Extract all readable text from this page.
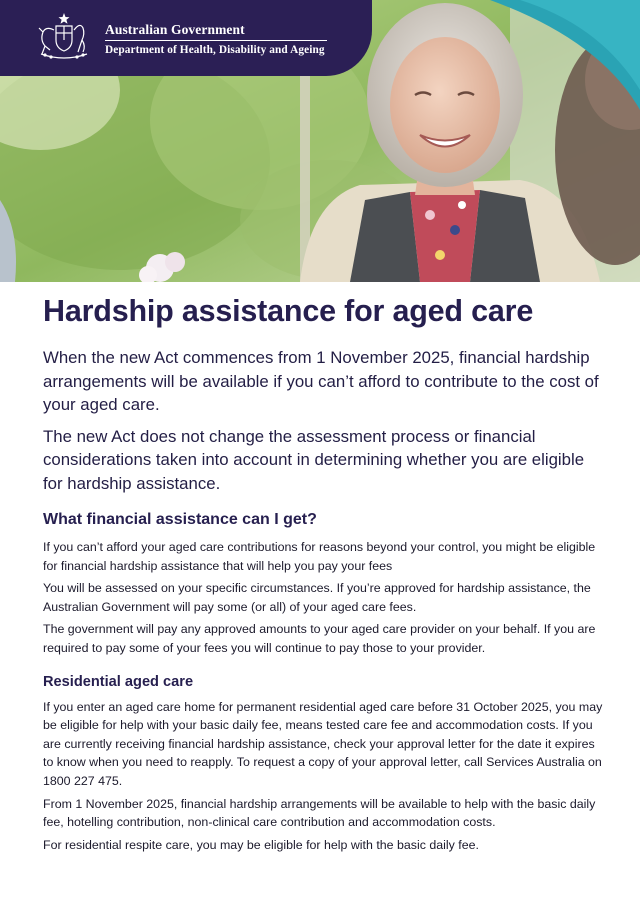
Australian Government
Department of Health, Disability and Ageing
Hardship assistance for aged care

When the new Act commences from 1 November 2025, financial hardship arrangements will be available if you can’t afford to contribute to the cost of your aged care.

The new Act does not change the assessment process or financial considerations taken into account in determining whether you are eligible for hardship assistance.

What financial assistance can I get?

If you can’t afford your aged care contributions for reasons beyond your control, you might be eligible for financial hardship assistance that will help you pay your fees

You will be assessed on your specific circumstances. If you’re approved for hardship assistance, the Australian Government will pay some (or all) of your aged care fees.

The government will pay any approved amounts to your aged care provider on your behalf. If you are required to pay some of your fees you will continue to pay those to your provider.

Residential aged care

If you enter an aged care home for permanent residential aged care before 31 October 2025, you may be eligible for help with your basic daily fee, means tested care fee and accommodation costs. If you are currently receiving financial hardship assistance, check your approval letter for the date it expires to know when you need to reapply. To request a copy of your approval letter, call Services Australia on 1800 227 475.

From 1 November 2025, financial hardship arrangements will be available to help with the basic daily fee, hotelling contribution, non-clinical care contribution and accommodation costs.

For residential respite care, you may be eligible for help with the basic daily fee.
